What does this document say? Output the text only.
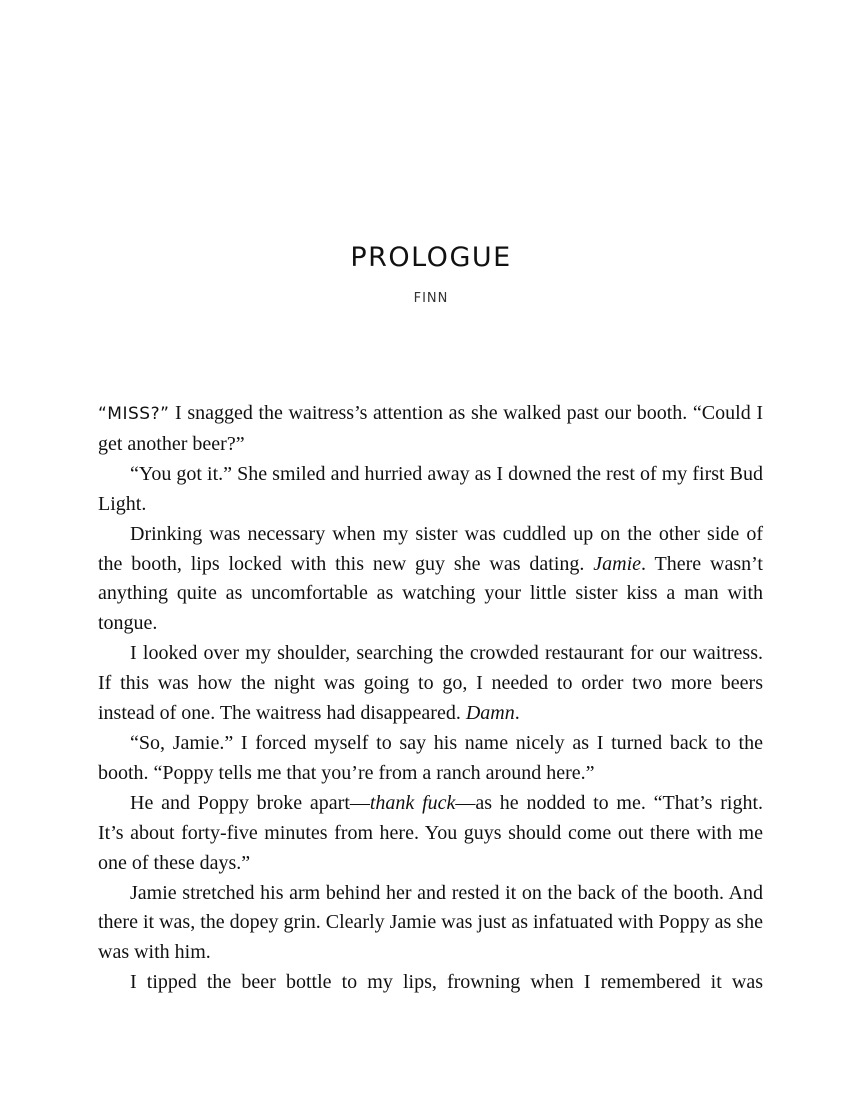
PROLOGUE
FINN

“MISS?” I snagged the waitress’s attention as she walked past our booth. “Could I get another beer?”

“You got it.” She smiled and hurried away as I downed the rest of my first Bud Light.

Drinking was necessary when my sister was cuddled up on the other side of the booth, lips locked with this new guy she was dating. Jamie. There wasn’t anything quite as uncomfortable as watching your little sister kiss a man with tongue.

I looked over my shoulder, searching the crowded restaurant for our waitress. If this was how the night was going to go, I needed to order two more beers instead of one. The waitress had disappeared. Damn.

“So, Jamie.” I forced myself to say his name nicely as I turned back to the booth. “Poppy tells me that you’re from a ranch around here.”

He and Poppy broke apart—thank fuck—as he nodded to me. “That’s right. It’s about forty-five minutes from here. You guys should come out there with me one of these days.”

Jamie stretched his arm behind her and rested it on the back of the booth. And there it was, the dopey grin. Clearly Jamie was just as infatuated with Poppy as she was with him.

I tipped the beer bottle to my lips, frowning when I remembered it was
